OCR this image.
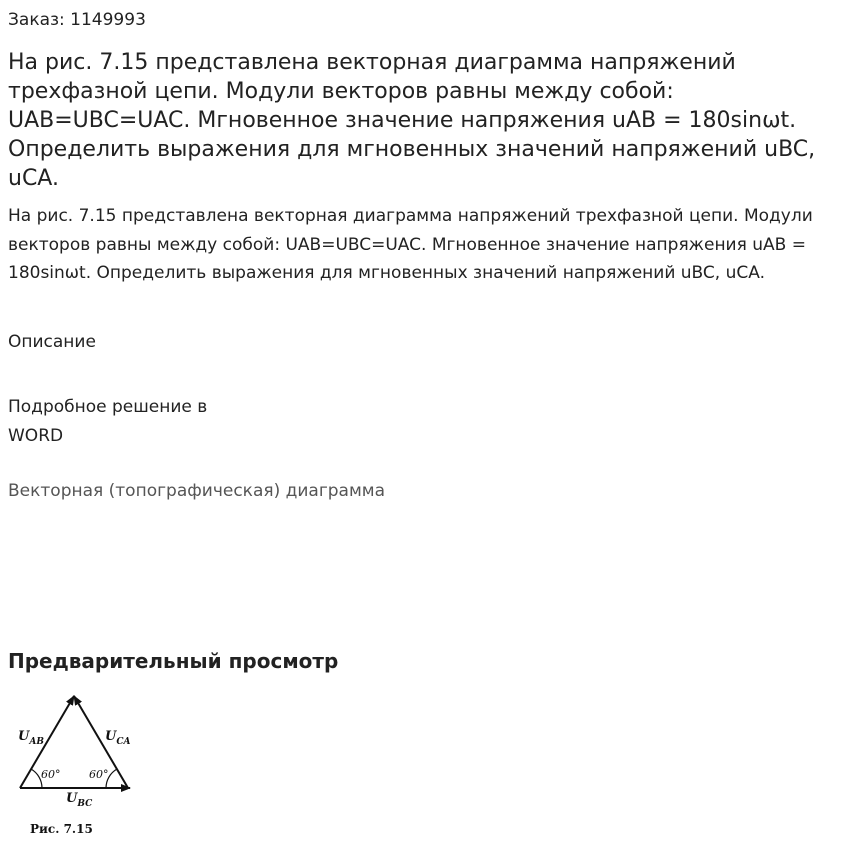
Заказ: 1149993
На рис. 7.15 представлена векторная диаграмма напряжений трехфазной цепи. Модули векторов равны между собой: UAB=UBC=UAC. Мгновенное значение напряжения uAB = 180sinωt. Определить выражения для мгновенных значений напряжений uBC, uCA.

На рис. 7.15 представлена векторная диаграмма напряжений трехфазной цепи. Модули векторов равны между собой: UAB=UBC=UAC. Мгновенное значение напряжения uAB = 180sinωt. Определить выражения для мгновенных значений напряжений uBC, uCA.

Описание
Подробное решение в
WORD
Векторная (топографическая) диаграмма
Предварительный просмотр
$U_{AB}$	$U_{CA}$
$U_{BC}$
60°	60°
Рис. 7.15
